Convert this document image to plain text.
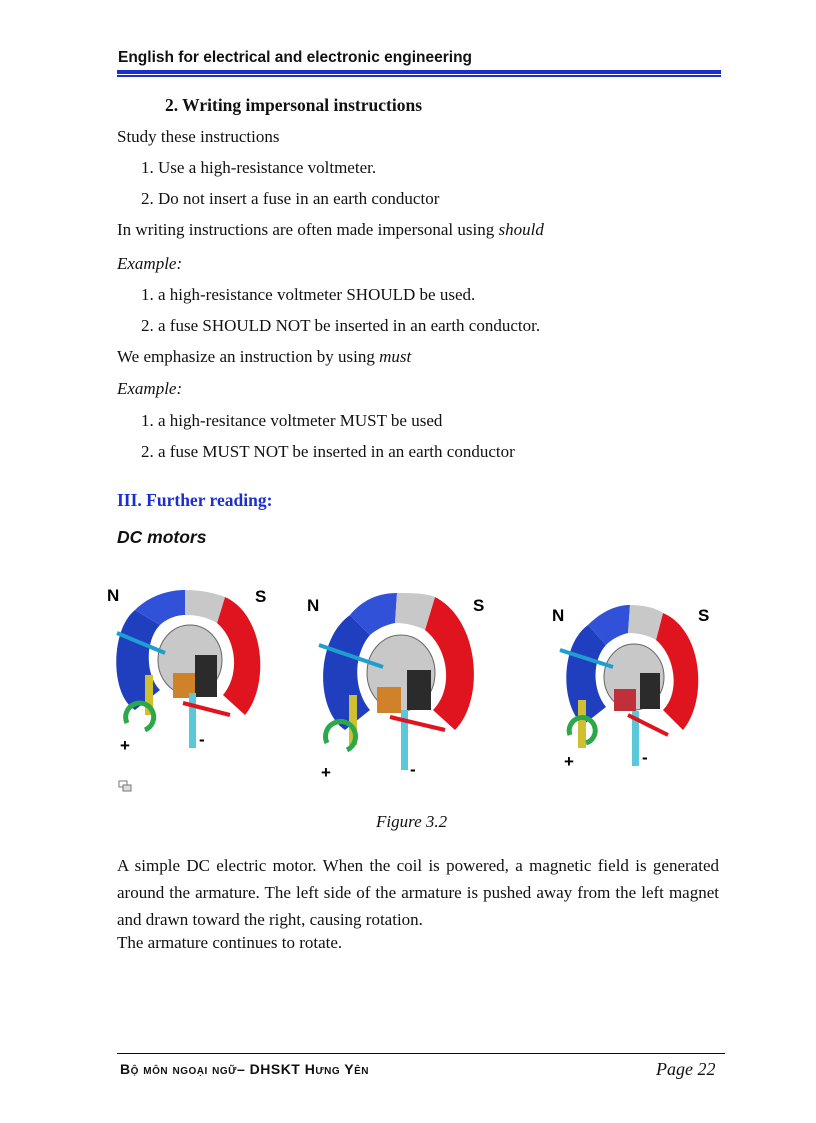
English for electrical and electronic engineering
2. Writing impersonal instructions
Study these instructions
1. Use a high-resistance voltmeter.
2. Do not insert a fuse in an earth conductor
In writing instructions are often made impersonal using should
Example:
1. a high-resistance voltmeter SHOULD be used.
2. a fuse SHOULD NOT be inserted in an earth conductor.
We emphasize an instruction by using must
Example:
1. a high-resitance voltmeter MUST be used
2. a fuse MUST NOT be inserted in an earth conductor
III. Further reading:
DC motors
N	S
+	-
N	S
+	-
N	S
+	-
Figure 3.2
A simple DC electric motor. When the coil is powered, a magnetic field is generated around the armature. The left side of the armature is pushed away from the left magnet and drawn toward the right, causing rotation.
The armature continues to rotate.
Bộ môn ngoại ngữ– DHSKT Hưng Yên	Page 22
